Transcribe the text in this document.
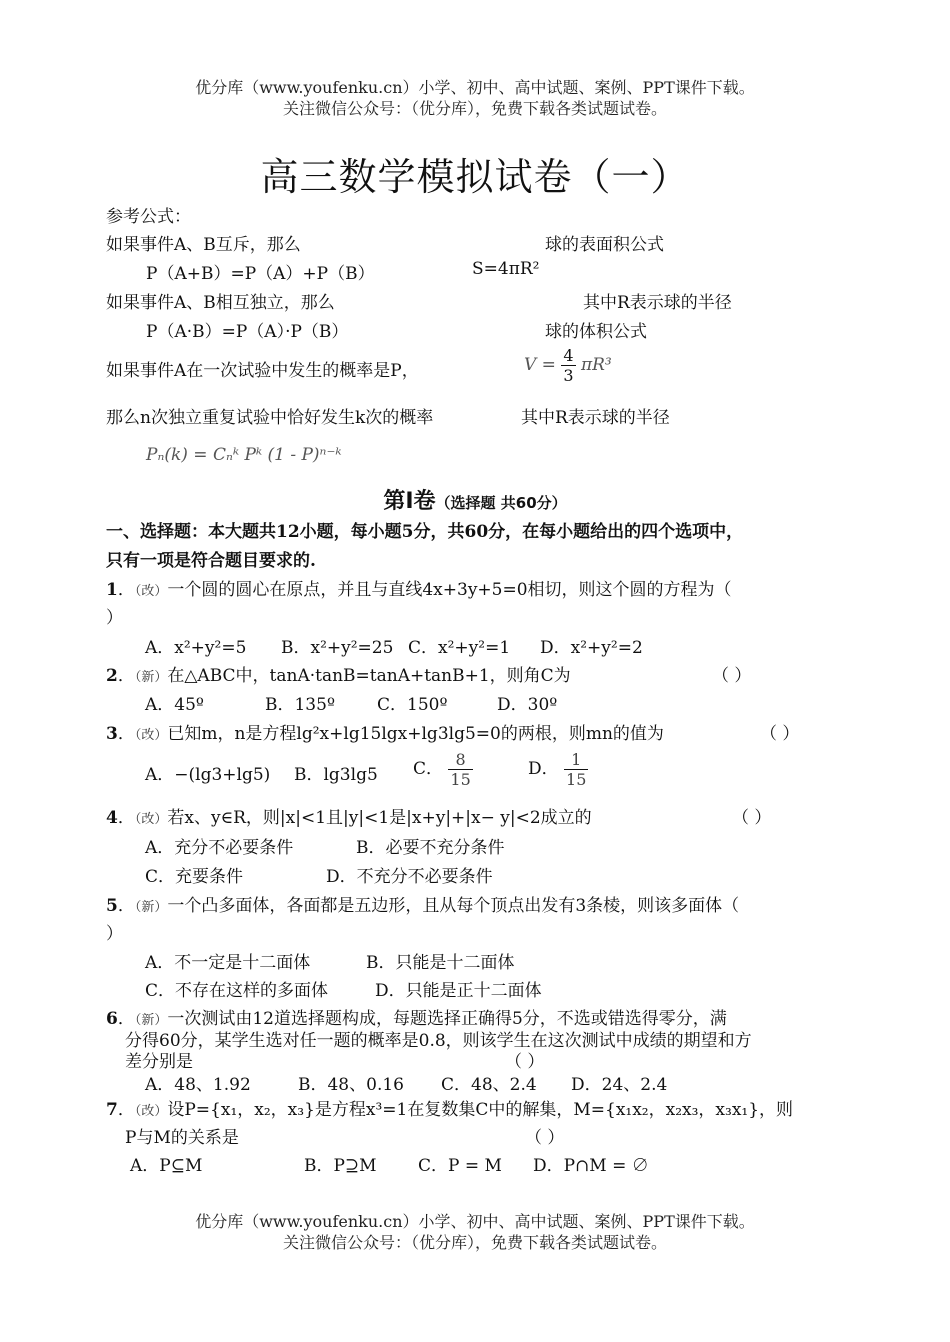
优分库（www.youfenku.cn）小学、初中、高中试题、案例、PPT课件下载。
关注微信公众号：（优分库），免费下载各类试题试卷。
高三数学模拟试卷（一）
参考公式：
如果事件A、B互斥，那么
P（A+B）=P（A）+P（B）
如果事件A、B相互独立，那么
P（A·B）=P（A）·P（B）
如果事件A在一次试验中发生的概率是P，
那么n次独立重复试验中恰好发生k次的概率
Pₙ(k) = Cₙᵏ Pᵏ (1 - P)ⁿ⁻ᵏ
球的表面积公式
S=4πR²
其中R表示球的半径
球的体积公式
$V = \frac{4}{3} \pi R^3$
其中R表示球的半径
第Ⅰ卷（选择题 共60分）
一、选择题：本大题共12小题，每小题5分，共60分，在每小题给出的四个选项中，
只有一项是符合题目要求的.
1．（改）一个圆的圆心在原点，并且与直线4x+3y+5=0相切，则这个圆的方程为（
）
A．x²+y²=5 B．x²+y²=25 C．x²+y²=1 D．x²+y²=2
2．（新）在△ABC中，tanA·tanB=tanA+tanB+1，则角C为	（ ）
A．45º	B．135º C．150º	D．30º
3．（改）已知m，n是方程lg²x+lg15lgx+lg3lg5=0的两根，则mn的值为	（ ）
A．−(lg3+lg5) B．lg3lg5 C． $\frac{8}{15}$	D． $\frac{1}{15}$
4．（改）若x、y∈R，则|x|<1且|y|<1是|x+y|+|x− y|<2成立的	（ ）
A．充分不必要条件	B．必要不充分条件
C．充要条件	D．不充分不必要条件
5．（新）一个凸多面体，各面都是五边形，且从每个顶点出发有3条棱，则该多面体（
）
A．不一定是十二面体	B．只能是十二面体
C．不存在这样的多面体	D．只能是正十二面体
6．（新）一次测试由12道选择题构成，每题选择正确得5分，不选或错选得零分，满
分得60分，某学生选对任一题的概率是0.8，则该学生在这次测试中成绩的期望和方
差分别是	（ ）
A．48、1.92	B．48、0.16 C．48、2.4 D．24、2.4
7．（改）设P={x₁，x₂，x₃}是方程x³=1在复数集C中的解集，M={x₁x₂，x₂x₃，x₃x₁}，则
P与M的关系是	（ ）
A．P⊆M	B．P⊇M C．P = M D．P∩M = ∅
优分库（www.youfenku.cn）小学、初中、高中试题、案例、PPT课件下载。
关注微信公众号：（优分库），免费下载各类试题试卷。
